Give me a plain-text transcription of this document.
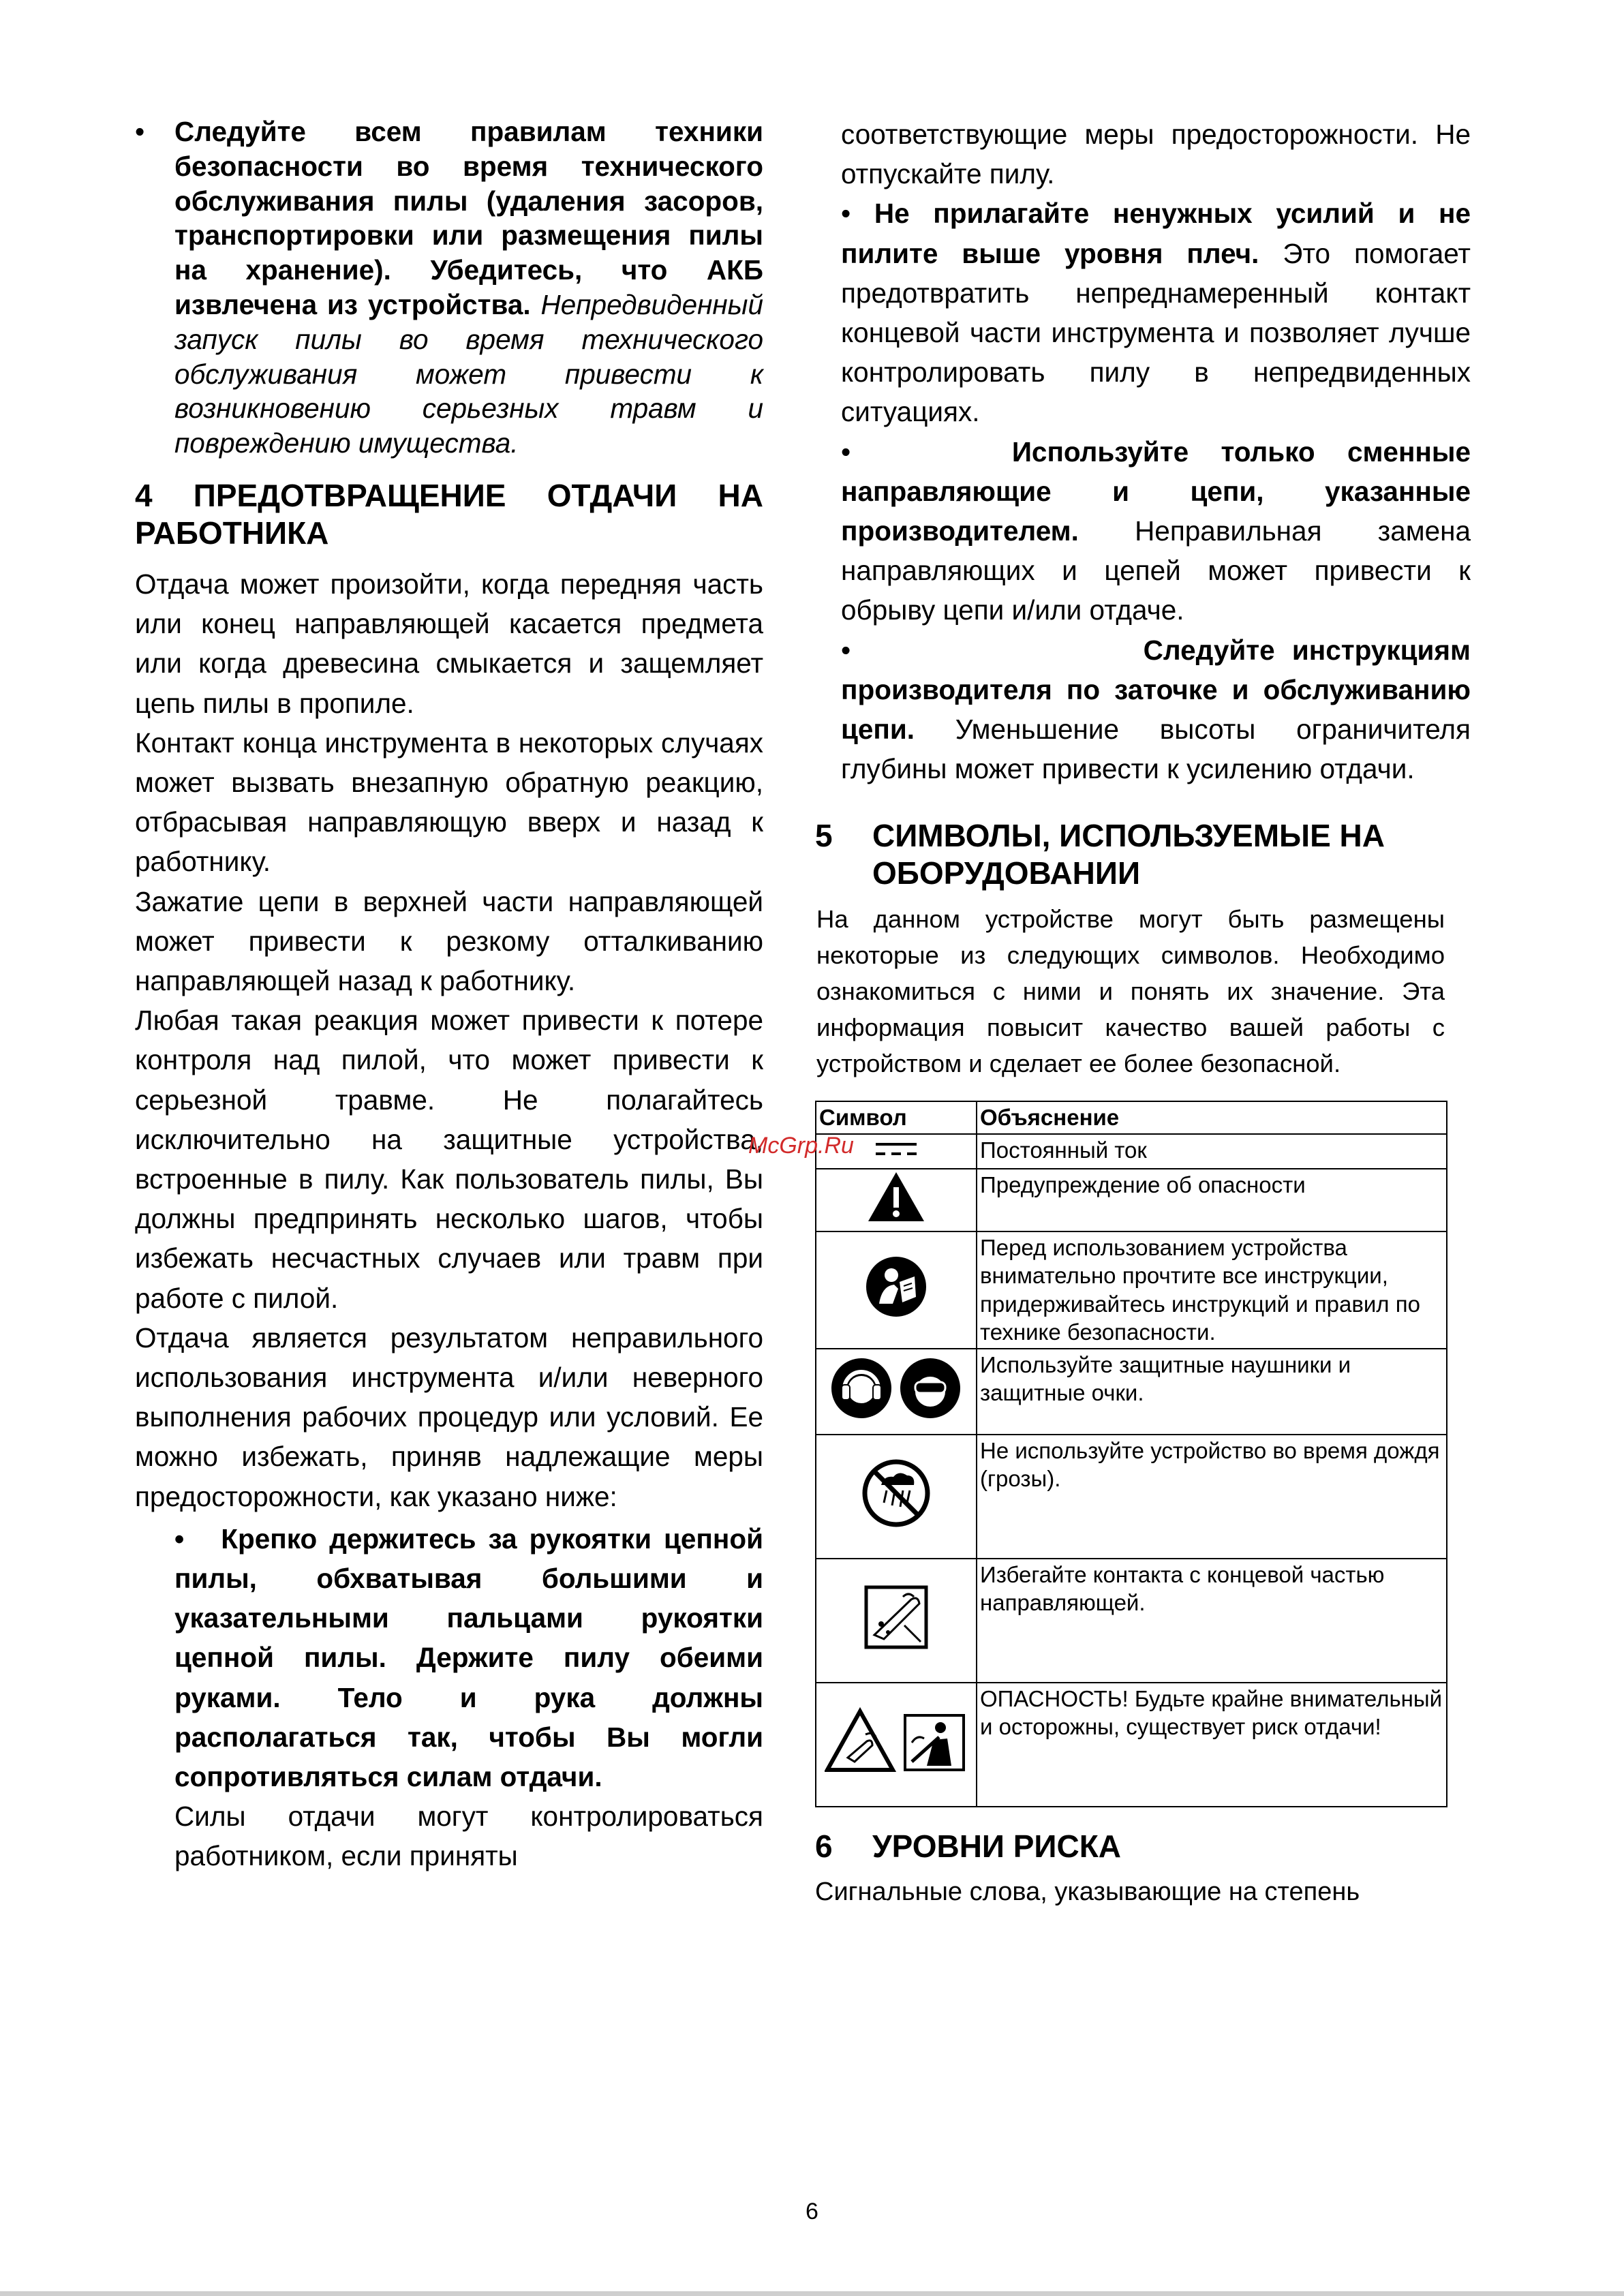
• Следуйте всем правилам техники безопасности во время технического обслуживания пилы (удаления засоров, транспортировки или размещения пилы на хранение). Убедитесь, что АКБ извлечена из устройства. Непредвиденный запуск пилы во время технического обслуживания может привести к возникновению серьезных травм и повреждению имущества.
4 ПРЕДОТВРАЩЕНИЕ ОТДАЧИ НА РАБОТНИКА

Отдача может произойти, когда передняя часть или конец направляющей касается предмета или когда древесина смыкается и защемляет цепь пилы в пропиле.

Контакт конца инструмента в некоторых случаях может вызвать внезапную обратную реакцию, отбрасывая направляющую вверх и назад к работнику.

Зажатие цепи в верхней части направляющей может привести к резкому отталкиванию направляющей назад к работнику.

Любая такая реакция может привести к потере контроля над пилой, что может привести к серьезной травме. Не полагайтесь исключительно на защитные устройства, встроенные в пилу. Как пользователь пилы, Вы должны предпринять несколько шагов, чтобы избежать несчастных случаев или травм при работе с пилой.

Отдача является результатом неправильного использования инструмента и/или неверного выполнения рабочих процедур или условий. Ее можно избежать, приняв надлежащие меры предосторожности, как указано ниже:

• Крепко держитесь за рукоятки цепной пилы, обхватывая большими и указательными пальцами рукоятки цепной пилы. Держите пилу обеими руками. Тело и рука должны располагаться так, чтобы Вы могли сопротивляться силам отдачи.

Силы отдачи могут контролироваться работником, если приняты

соответствующие меры предосторожности. Не отпускайте пилу.

• Не прилагайте ненужных усилий и не пилите выше уровня плеч. Это помогает предотвратить непреднамеренный контакт концевой части инструмента и позволяет лучше контролировать пилу в непредвиденных ситуациях.
•	Используйте только сменные направляющие и цепи, указанные производителем. Неправильная замена направляющих и цепей может привести к обрыву цепи и/или отдаче.
•	Следуйте инструкциям производителя по заточке и обслуживанию цепи. Уменьшение высоты ограничителя глубины может привести к усилению отдачи.
5	СИМВОЛЫ, ИСПОЛЬЗУЕМЫЕ НА ОБОРУДОВАНИИ

На данном устройстве могут быть размещены некоторые из следующих символов. Необходимо ознакомиться с ними и понять их значение. Эта информация повысит качество вашей работы с устройством и сделает ее более безопасной.

Символ	Объяснение
	Постоянный ток
	Предупреждение об опасности
	Перед использованием устройства внимательно прочтите все инструкции, придерживайтесь инструкций и правил по технике безопасности.
	Используйте защитные наушники и защитные очки.
	Не используйте устройство во время дождя (грозы).
	Избегайте контакта с концевой частью направляющей.
	ОПАСНОСТЬ! Будьте крайне внимательный и осторожны, существует риск отдачи!
6	УРОВНИ РИСКА

Сигнальные слова, указывающие на степень

McGrp.Ru
6
